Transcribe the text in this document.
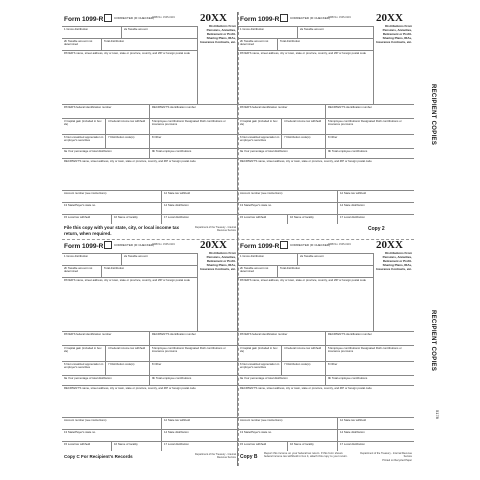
Form 1099-R	CORRECTED (IF CHECKED)
OMB No. 1545-0119 20XX
Distributions From Pensions, Annuities, Retirement or Profit-Sharing Plans, IRAs, Insurance Contracts, etc.
1 Gross distribution	2a Taxable amount
2b Taxable amount not determined
Total distribution
PAYER'S name, street address, city or town, state or province, country, and ZIP or foreign postal code
PAYER'S federal identification number	RECIPIENT'S identification number
3 Capital gain (included in box 2a)
4 Federal income tax withheld 5 Employee contributions/ Designated Roth contributions or insurance premiums
6 Net unrealized appreciation in employer's securities
7 Distribution code(s)	8 Other
9a Your percentage of total distribution	9b Total employee contributions
RECIPIENT'S name, street address, city or town, state or province, country, and ZIP or foreign postal code
Account number (see instructions)	12 State tax withheld
13 State/Payer's state no.	14 State distribution
15 Local tax withheld	16 Name of locality	17 Local distribution
File this copy with your state, city, or local income tax return, when required.
Department of the Treasury - Internal Revenue Service
Form 1099-R	CORRECTED (IF CHECKED)
OMB No. 1545-0119 20XX
Distributions From Pensions, Annuities, Retirement or Profit-Sharing Plans, IRAs, Insurance Contracts, etc.
1 Gross distribution	2a Taxable amount
2b Taxable amount not determined
Total distribution
PAYER'S name, street address, city or town, state or province, country, and ZIP or foreign postal code
PAYER'S federal identification number	RECIPIENT'S identification number
3 Capital gain (included in box 2a)
4 Federal income tax withheld 5 Employee contributions/ Designated Roth contributions or insurance premiums
6 Net unrealized appreciation in employer's securities
7 Distribution code(s)	8 Other
9a Your percentage of total distribution	9b Total employee contributions
RECIPIENT'S name, street address, city or town, state or province, country, and ZIP or foreign postal code
Account number (see instructions)	12 State tax withheld
13 State/Payer's state no.	14 State distribution
15 Local tax withheld	16 Name of locality	17 Local distribution
Copy 2
Form 1099-R	CORRECTED (IF CHECKED)
OMB No. 1545-0119 20XX
Distributions From Pensions, Annuities, Retirement or Profit-Sharing Plans, IRAs, Insurance Contracts, etc.
1 Gross distribution	2a Taxable amount
2b Taxable amount not determined
Total distribution
PAYER'S name, street address, city or town, state or province, country, and ZIP or foreign postal code
PAYER'S federal identification number	RECIPIENT'S identification number
3 Capital gain (included in box 2a)
4 Federal income tax withheld 5 Employee contributions/ Designated Roth contributions or insurance premiums
6 Net unrealized appreciation in employer's securities
7 Distribution code(s)	8 Other
9a Your percentage of total distribution	9b Total employee contributions
RECIPIENT'S name, street address, city or town, state or province, country, and ZIP or foreign postal code
Account number (see instructions)	12 State tax withheld
13 State/Payer's state no.	14 State distribution
15 Local tax withheld	16 Name of locality	17 Local distribution
Copy C For Recipient's Records	Department of the Treasury - Internal Revenue Service
Form 1099-R	CORRECTED (IF CHECKED)
OMB No. 1545-0119 20XX
Distributions From Pensions, Annuities, Retirement or Profit-Sharing Plans, IRAs, Insurance Contracts, etc.
1 Gross distribution	2a Taxable amount
2b Taxable amount not determined
Total distribution
PAYER'S name, street address, city or town, state or province, country, and ZIP or foreign postal code
PAYER'S federal identification number	RECIPIENT'S identification number
3 Capital gain (included in box 2a)
4 Federal income tax withheld 5 Employee contributions/ Designated Roth contributions or insurance premiums
6 Net unrealized appreciation in employer's securities
7 Distribution code(s)	8 Other
9a Your percentage of total distribution	9b Total employee contributions
RECIPIENT'S name, street address, city or town, state or province, country, and ZIP or foreign postal code
Account number (see instructions)	12 State tax withheld
13 State/Payer's state no.	14 State distribution
15 Local tax withheld	16 Name of locality	17 Local distribution
Copy B
Report this income on your federal tax return. If this form shows federal income tax withheld in box 4, attach this copy to your return.
Department of the Treasury - Internal Revenue Service
Printed on Recycled Paper
RECIPIENT COPIES
RECIPIENT COPIES
5178
